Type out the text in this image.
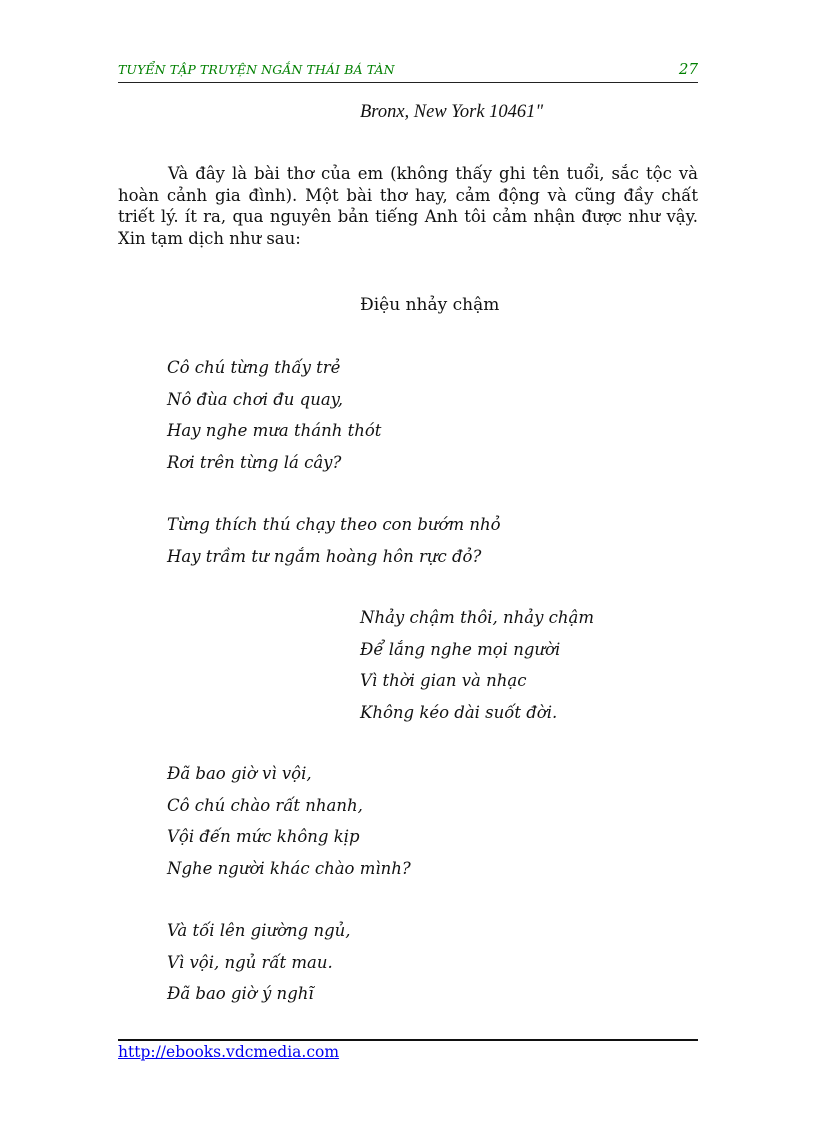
TUYỂN TẬP TRUYỆN NGẮN THÁI BÁ TÀN	27
Bronx, New York 10461"

Và đây là bài thơ của em (không thấy ghi tên tuổi, sắc tộc và hoàn cảnh gia đình). Một bài thơ hay, cảm động và cũng đầy chất triết lý. ít ra, qua nguyên bản tiếng Anh tôi cảm nhận được như vậy. Xin tạm dịch như sau:

Điệu nhảy chậm
Cô chú từng thấy trẻ
Nô đùa chơi đu quay,
Hay nghe mưa thánh thót
Rơi trên từng lá cây?
Từng thích thú chạy theo con bướm nhỏ
Hay trầm tư ngắm hoàng hôn rực đỏ?
Nhảy chậm thôi, nhảy chậm
Để lắng nghe mọi người
Vì thời gian và nhạc
Không kéo dài suốt đời.
Đã bao giờ vì vội,
Cô chú chào rất nhanh,
Vội đến mức không kịp
Nghe người khác chào mình?
Và tối lên giường ngủ,
Vì vội, ngủ rất mau.
Đã bao giờ ý nghĩ
http://ebooks.vdcmedia.com
